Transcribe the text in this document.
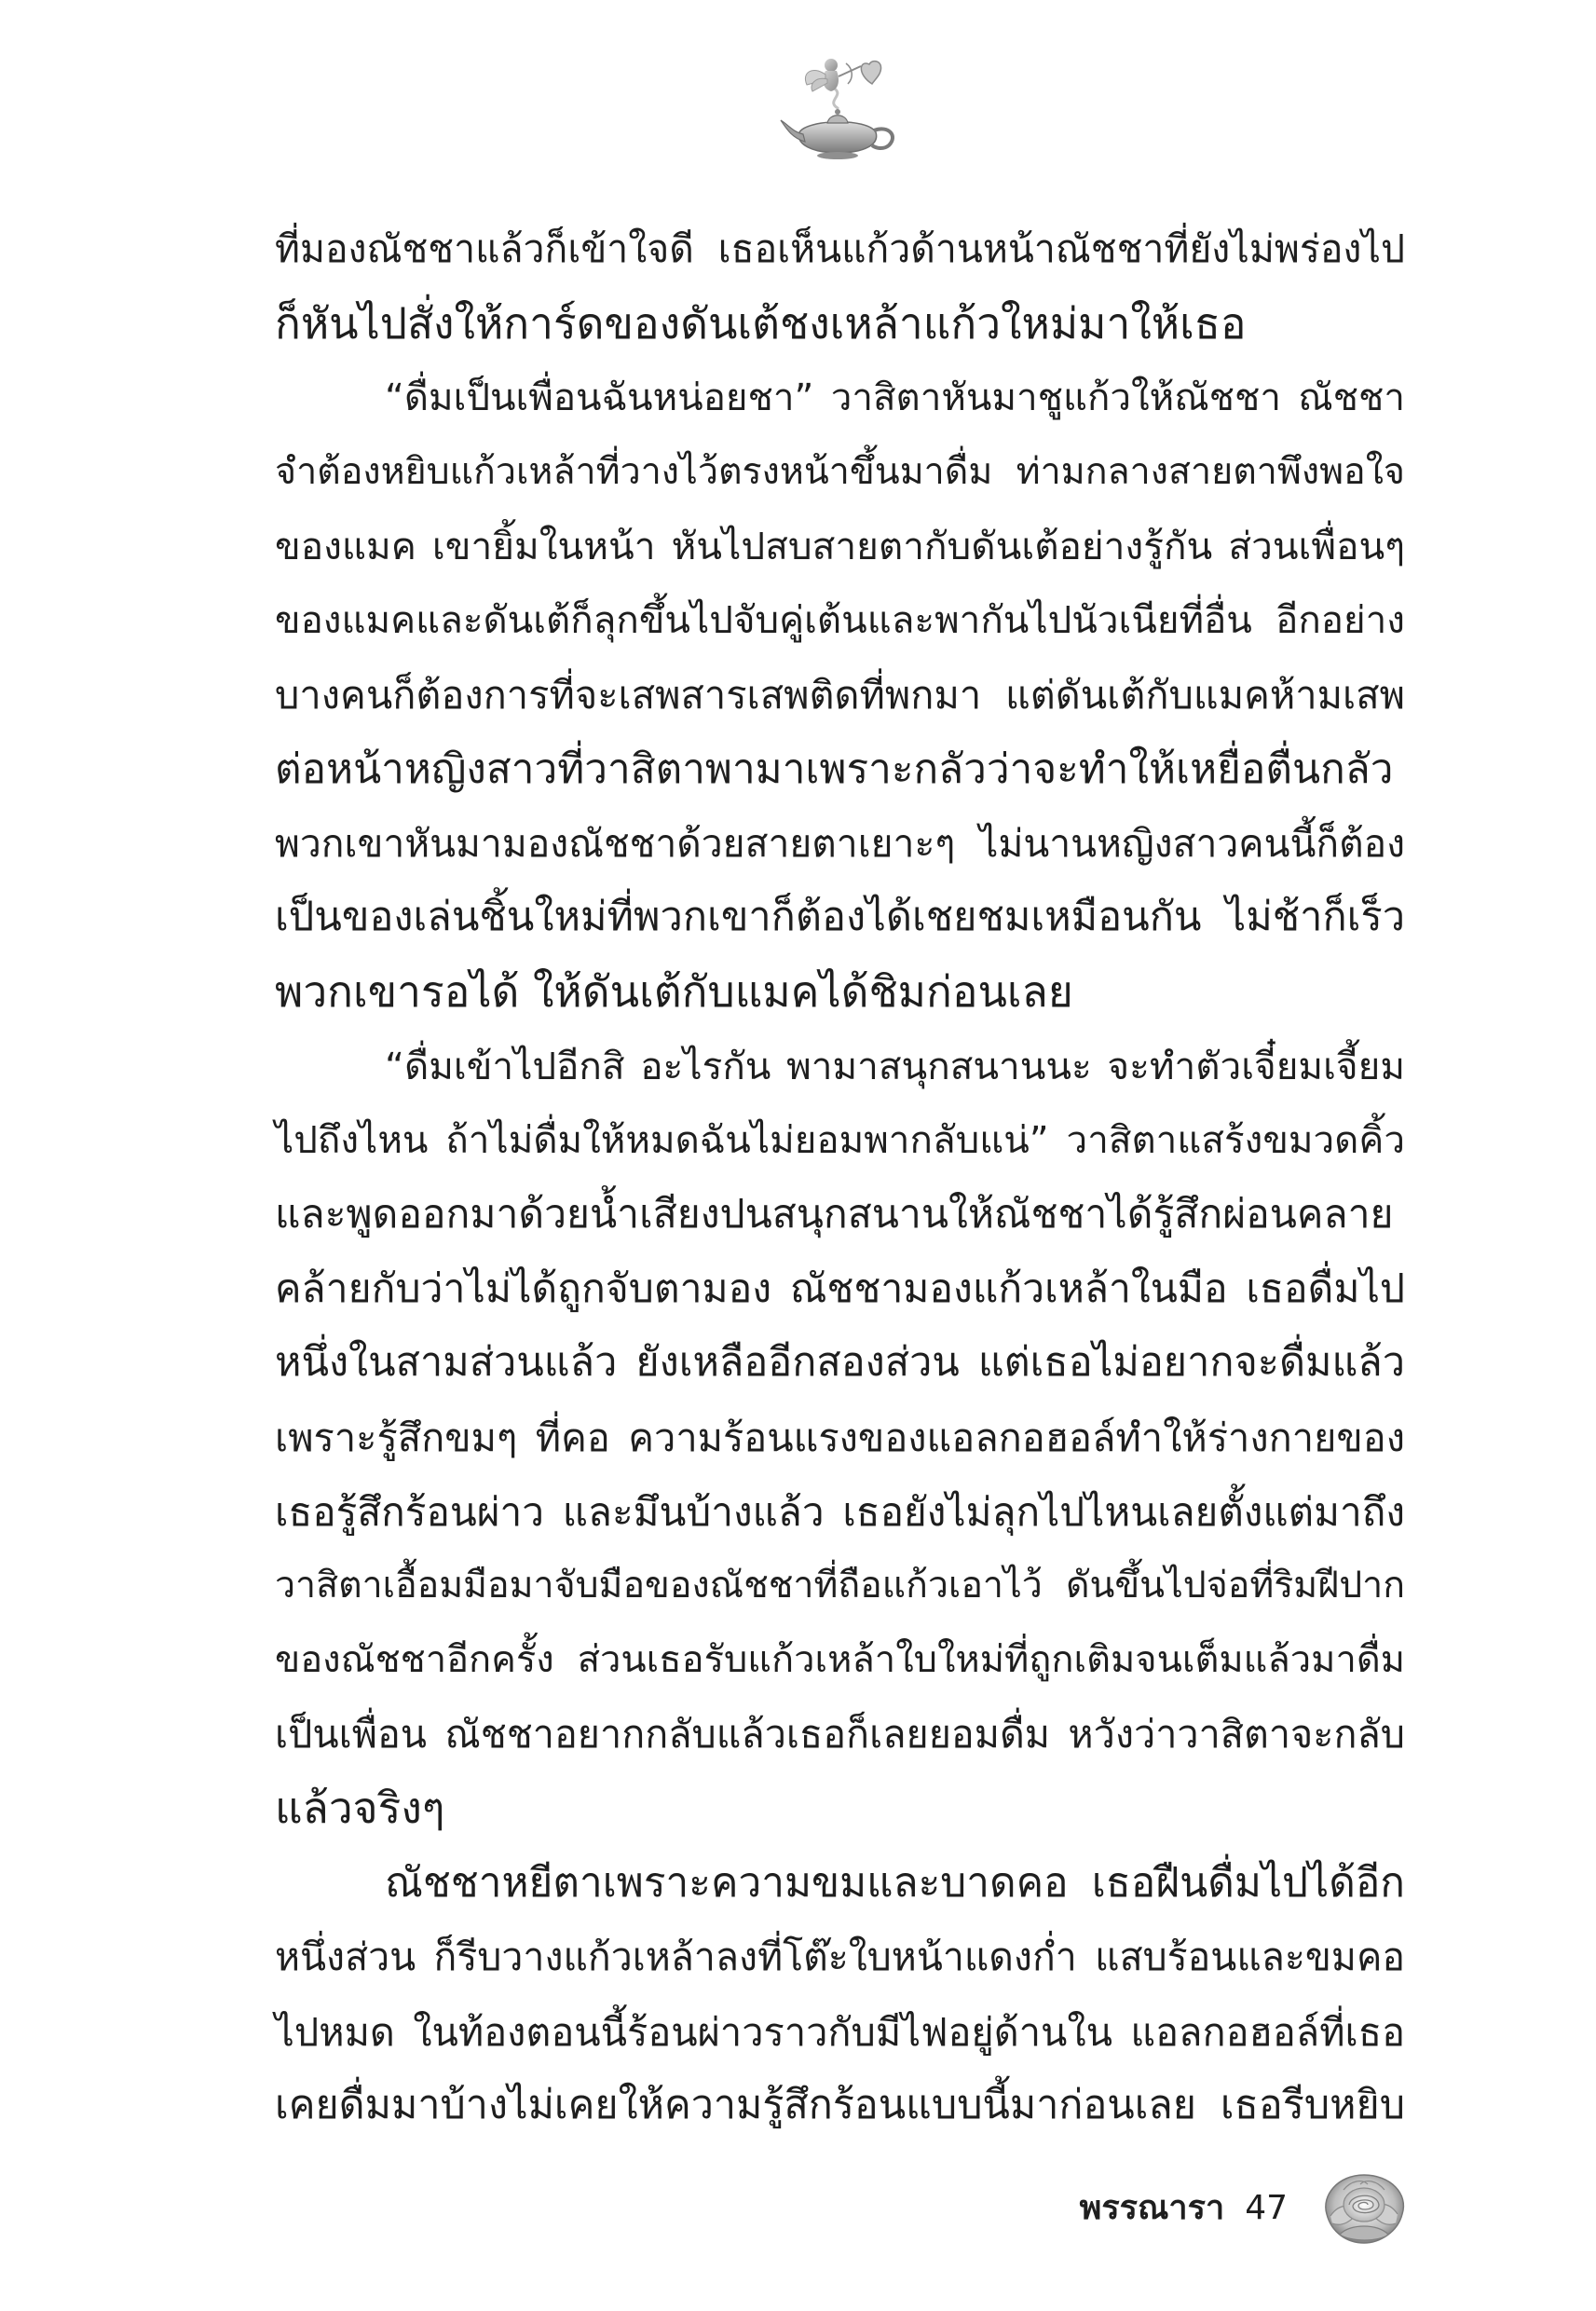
ที่มองณัชชาแล้วก็เข้าใจดี เธอเห็นแก้วด้านหน้าณัชชาที่ยังไม่พร่องไป
ก็หันไปสั่งให้การ์ดของดันเต้ชงเหล้าแก้วใหม่มาให้เธอ
“ดื่มเป็นเพื่อนฉันหน่อยชา” วาสิตาหันมาชูแก้วให้ณัชชา ณัชชา
จำต้องหยิบแก้วเหล้าที่วางไว้ตรงหน้าขึ้นมาดื่ม ท่ามกลางสายตาพึงพอใจ
ของแมค เขายิ้มในหน้า หันไปสบสายตากับดันเต้อย่างรู้กัน ส่วนเพื่อนๆ
ของแมคและดันเต้ก็ลุกขึ้นไปจับคู่เต้นและพากันไปนัวเนียที่อื่น อีกอย่าง
บางคนก็ต้องการที่จะเสพสารเสพติดที่พกมา แต่ดันเต้กับแมคห้ามเสพ
ต่อหน้าหญิงสาวที่วาสิตาพามาเพราะกลัวว่าจะทำให้เหยื่อตื่นกลัว
พวกเขาหันมามองณัชชาด้วยสายตาเยาะๆ ไม่นานหญิงสาวคนนี้ก็ต้อง
เป็นของเล่นชิ้นใหม่ที่พวกเขาก็ต้องได้เชยชมเหมือนกัน ไม่ช้าก็เร็ว
พวกเขารอได้ ให้ดันเต้กับแมคได้ชิมก่อนเลย
“ดื่มเข้าไปอีกสิ อะไรกัน พามาสนุกสนานนะ จะทำตัวเจี๋ยมเจี้ยม
ไปถึงไหน ถ้าไม่ดื่มให้หมดฉันไม่ยอมพากลับแน่” วาสิตาแสร้งขมวดคิ้ว
และพูดออกมาด้วยน้ำเสียงปนสนุกสนานให้ณัชชาได้รู้สึกผ่อนคลาย
คล้ายกับว่าไม่ได้ถูกจับตามอง ณัชชามองแก้วเหล้าในมือ เธอดื่มไป
หนึ่งในสามส่วนแล้ว ยังเหลืออีกสองส่วน แต่เธอไม่อยากจะดื่มแล้ว
เพราะรู้สึกขมๆ ที่คอ ความร้อนแรงของแอลกอฮอล์ทำให้ร่างกายของ
เธอรู้สึกร้อนผ่าว และมึนบ้างแล้ว เธอยังไม่ลุกไปไหนเลยตั้งแต่มาถึง
วาสิตาเอื้อมมือมาจับมือของณัชชาที่ถือแก้วเอาไว้ ดันขึ้นไปจ่อที่ริมฝีปาก
ของณัชชาอีกครั้ง ส่วนเธอรับแก้วเหล้าใบใหม่ที่ถูกเติมจนเต็มแล้วมาดื่ม
เป็นเพื่อน ณัชชาอยากกลับแล้วเธอก็เลยยอมดื่ม หวังว่าวาสิตาจะกลับ
แล้วจริงๆ
ณัชชาหยีตาเพราะความขมและบาดคอ เธอฝืนดื่มไปได้อีก
หนึ่งส่วน ก็รีบวางแก้วเหล้าลงที่โต๊ะใบหน้าแดงก่ำ แสบร้อนและขมคอ
ไปหมด ในท้องตอนนี้ร้อนผ่าวราวกับมีไฟอยู่ด้านใน แอลกอฮอล์ที่เธอ
เคยดื่มมาบ้างไม่เคยให้ความรู้สึกร้อนแบบนี้มาก่อนเลย เธอรีบหยิบ
พรรณารา 47
